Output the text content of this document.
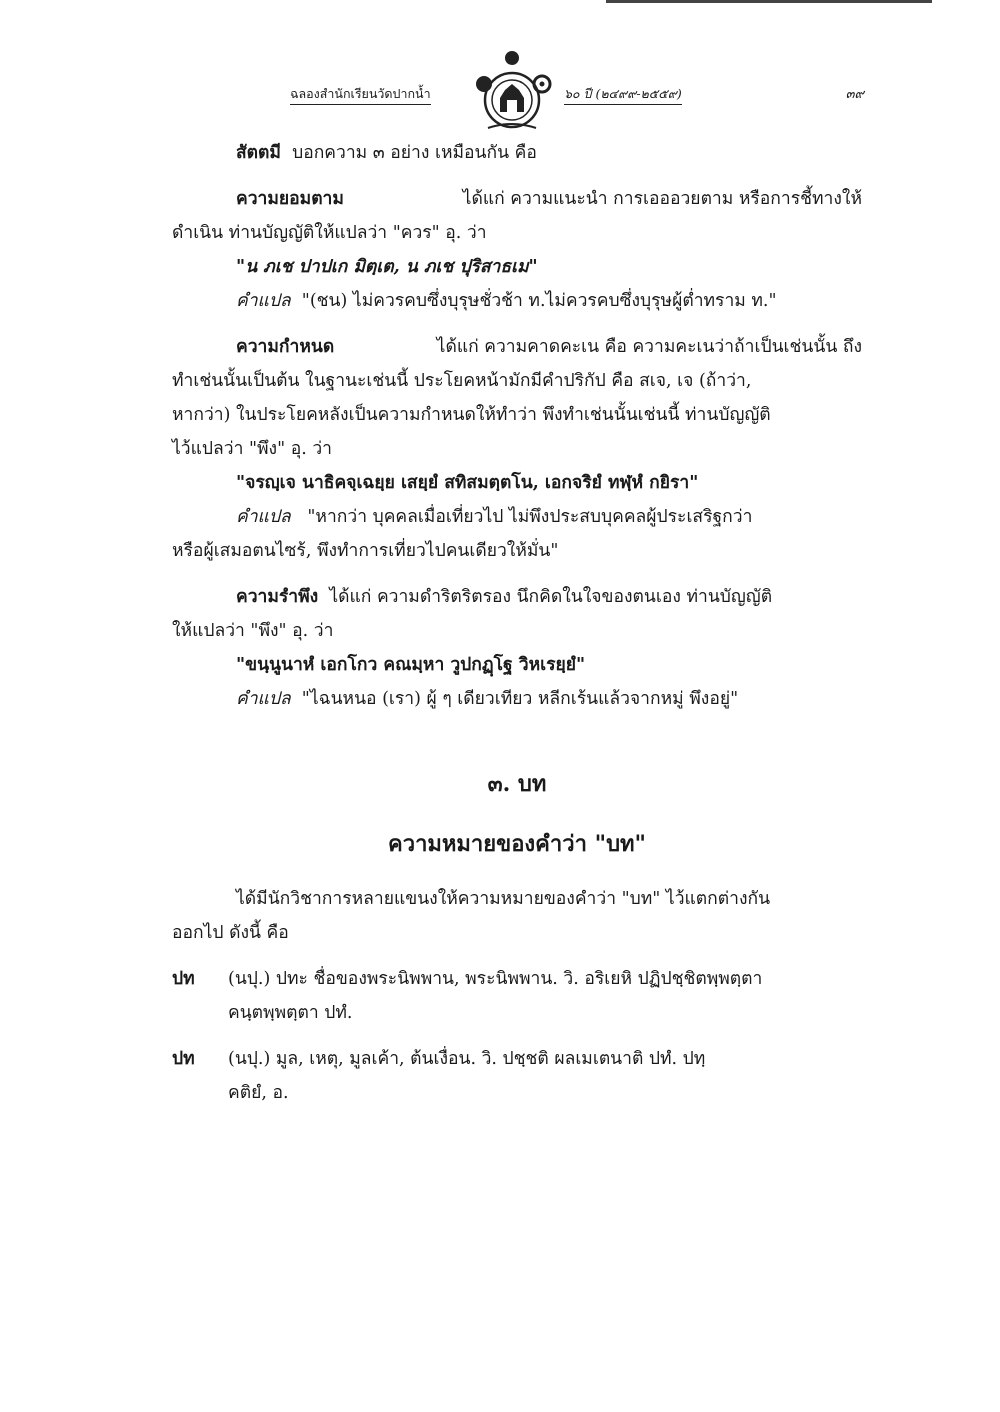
ฉลองสำนักเรียนวัดปากน้ำ	๖๐ ปี (๒๔๙๙-๒๕๕๙)	๓๙

สัตตมี บอกความ ๓ อย่าง เหมือนกัน คือ

ความยอมตาม	ได้แก่ ความแนะนำ การเอออวยตาม หรือการชี้ทางให้

ดำเนิน ท่านบัญญัติให้แปลว่า "ควร" อุ. ว่า

"น ภเช ปาปเก มิตฺเต, น ภเช ปุริสาธเม"

คำแปล "(ชน) ไม่ควรคบซึ่งบุรุษชั่วช้า ท.ไม่ควรคบซึ่งบุรุษผู้ต่ำทราม ท."

ความกำหนด	ได้แก่ ความคาดคะเน คือ ความคะเนว่าถ้าเป็นเช่นนั้น ถึง

ทำเช่นนั้นเป็นต้น ในฐานะเช่นนี้ ประโยคหน้ามักมีคำปริกัป คือ สเจ, เจ (ถ้าว่า,

หากว่า) ในประโยคหลังเป็นความกำหนดให้ทำว่า พึงทำเช่นนั้นเช่นนี้ ท่านบัญญัติ

ไว้แปลว่า "พึง" อุ. ว่า

"จรญฺเจ นาธิคจฺเฉยฺย เสยฺยํ สทิสมตฺตโน, เอกจริยํ ทฬฺหํ กยิรา"

คำแปล "หากว่า บุคคลเมื่อเที่ยวไป ไม่พึงประสบบุคคลผู้ประเสริฐกว่า

หรือผู้เสมอตนไซร้, พึงทำการเที่ยวไปคนเดียวให้มั่น"

ความรำพึง ได้แก่ ความดำริตริตรอง นึกคิดในใจของตนเอง ท่านบัญญัติ

ให้แปลว่า "พึง" อุ. ว่า

"ขนฺนูนาหํ เอกโกว คณมฺหา วูปกฏฺโฐ วิหเรยฺยํ"

คำแปล "ไฉนหนอ (เรา) ผู้ ๆ เดียวเทียว หลีกเร้นแล้วจากหมู่ พึงอยู่"

๓. บท
ความหมายของคำว่า "บท"

ได้มีนักวิชาการหลายแขนงให้ความหมายของคำว่า "บท" ไว้แตกต่างกัน

ออกไป ดังนี้ คือ

ปท	(นปุ.) ปทะ ชื่อของพระนิพพาน, พระนิพพาน. วิ. อริเยหิ ปฏิปชฺชิตพฺพตฺตา

คนฺตพฺพตฺตา ปทํ.

ปท	(นปุ.) มูล, เหตุ, มูลเค้า, ต้นเงื่อน. วิ. ปชฺชติ ผลเมเตนาติ ปทํ. ปทฺ

คติยํ, อ.
